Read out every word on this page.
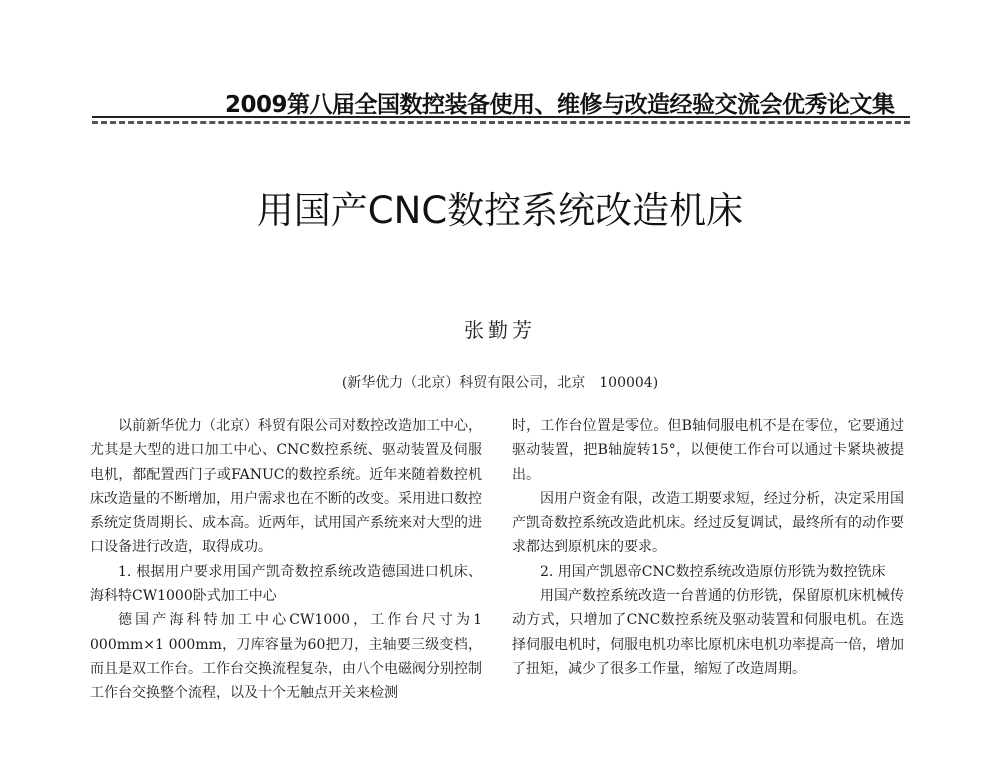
2009第八届全国数控装备使用、维修与改造经验交流会优秀论文集
用国产CNC数控系统改造机床
张勤芳
(新华优力（北京）科贸有限公司，北京　100004)

以前新华优力（北京）科贸有限公司对数控改造加工中心，尤其是大型的进口加工中心、CNC数控系统、驱动装置及伺服电机，都配置西门子或FANUC的数控系统。近年来随着数控机床改造量的不断增加，用户需求也在不断的改变。采用进口数控系统定货周期长、成本高。近两年，试用国产系统来对大型的进口设备进行改造，取得成功。

1. 根据用户要求用国产凯奇数控系统改造德国进口机床、海科特CW1000卧式加工中心

德国产海科特加工中心CW1000，工作台尺寸为1 000mm×1 000mm，刀库容量为60把刀，主轴要三级变档，而且是双工作台。工作台交换流程复杂，由八个电磁阀分别控制工作台交换整个流程，以及十个无触点开关来检测

时，工作台位置是零位。但B轴伺服电机不是在零位，它要通过驱动装置，把B轴旋转15°，以便使工作台可以通过卡紧块被提出。

因用户资金有限，改造工期要求短，经过分析，决定采用国产凯奇数控系统改造此机床。经过反复调试，最终所有的动作要求都达到原机床的要求。

2. 用国产凯恩帝CNC数控系统改造原仿形铣为数控铣床

用国产数控系统改造一台普通的仿形铣，保留原机床机械传动方式，只增加了CNC数控系统及驱动装置和伺服电机。在选择伺服电机时，伺服电机功率比原机床电机功率提高一倍，增加了扭矩，减少了很多工作量，缩短了改造周期。
